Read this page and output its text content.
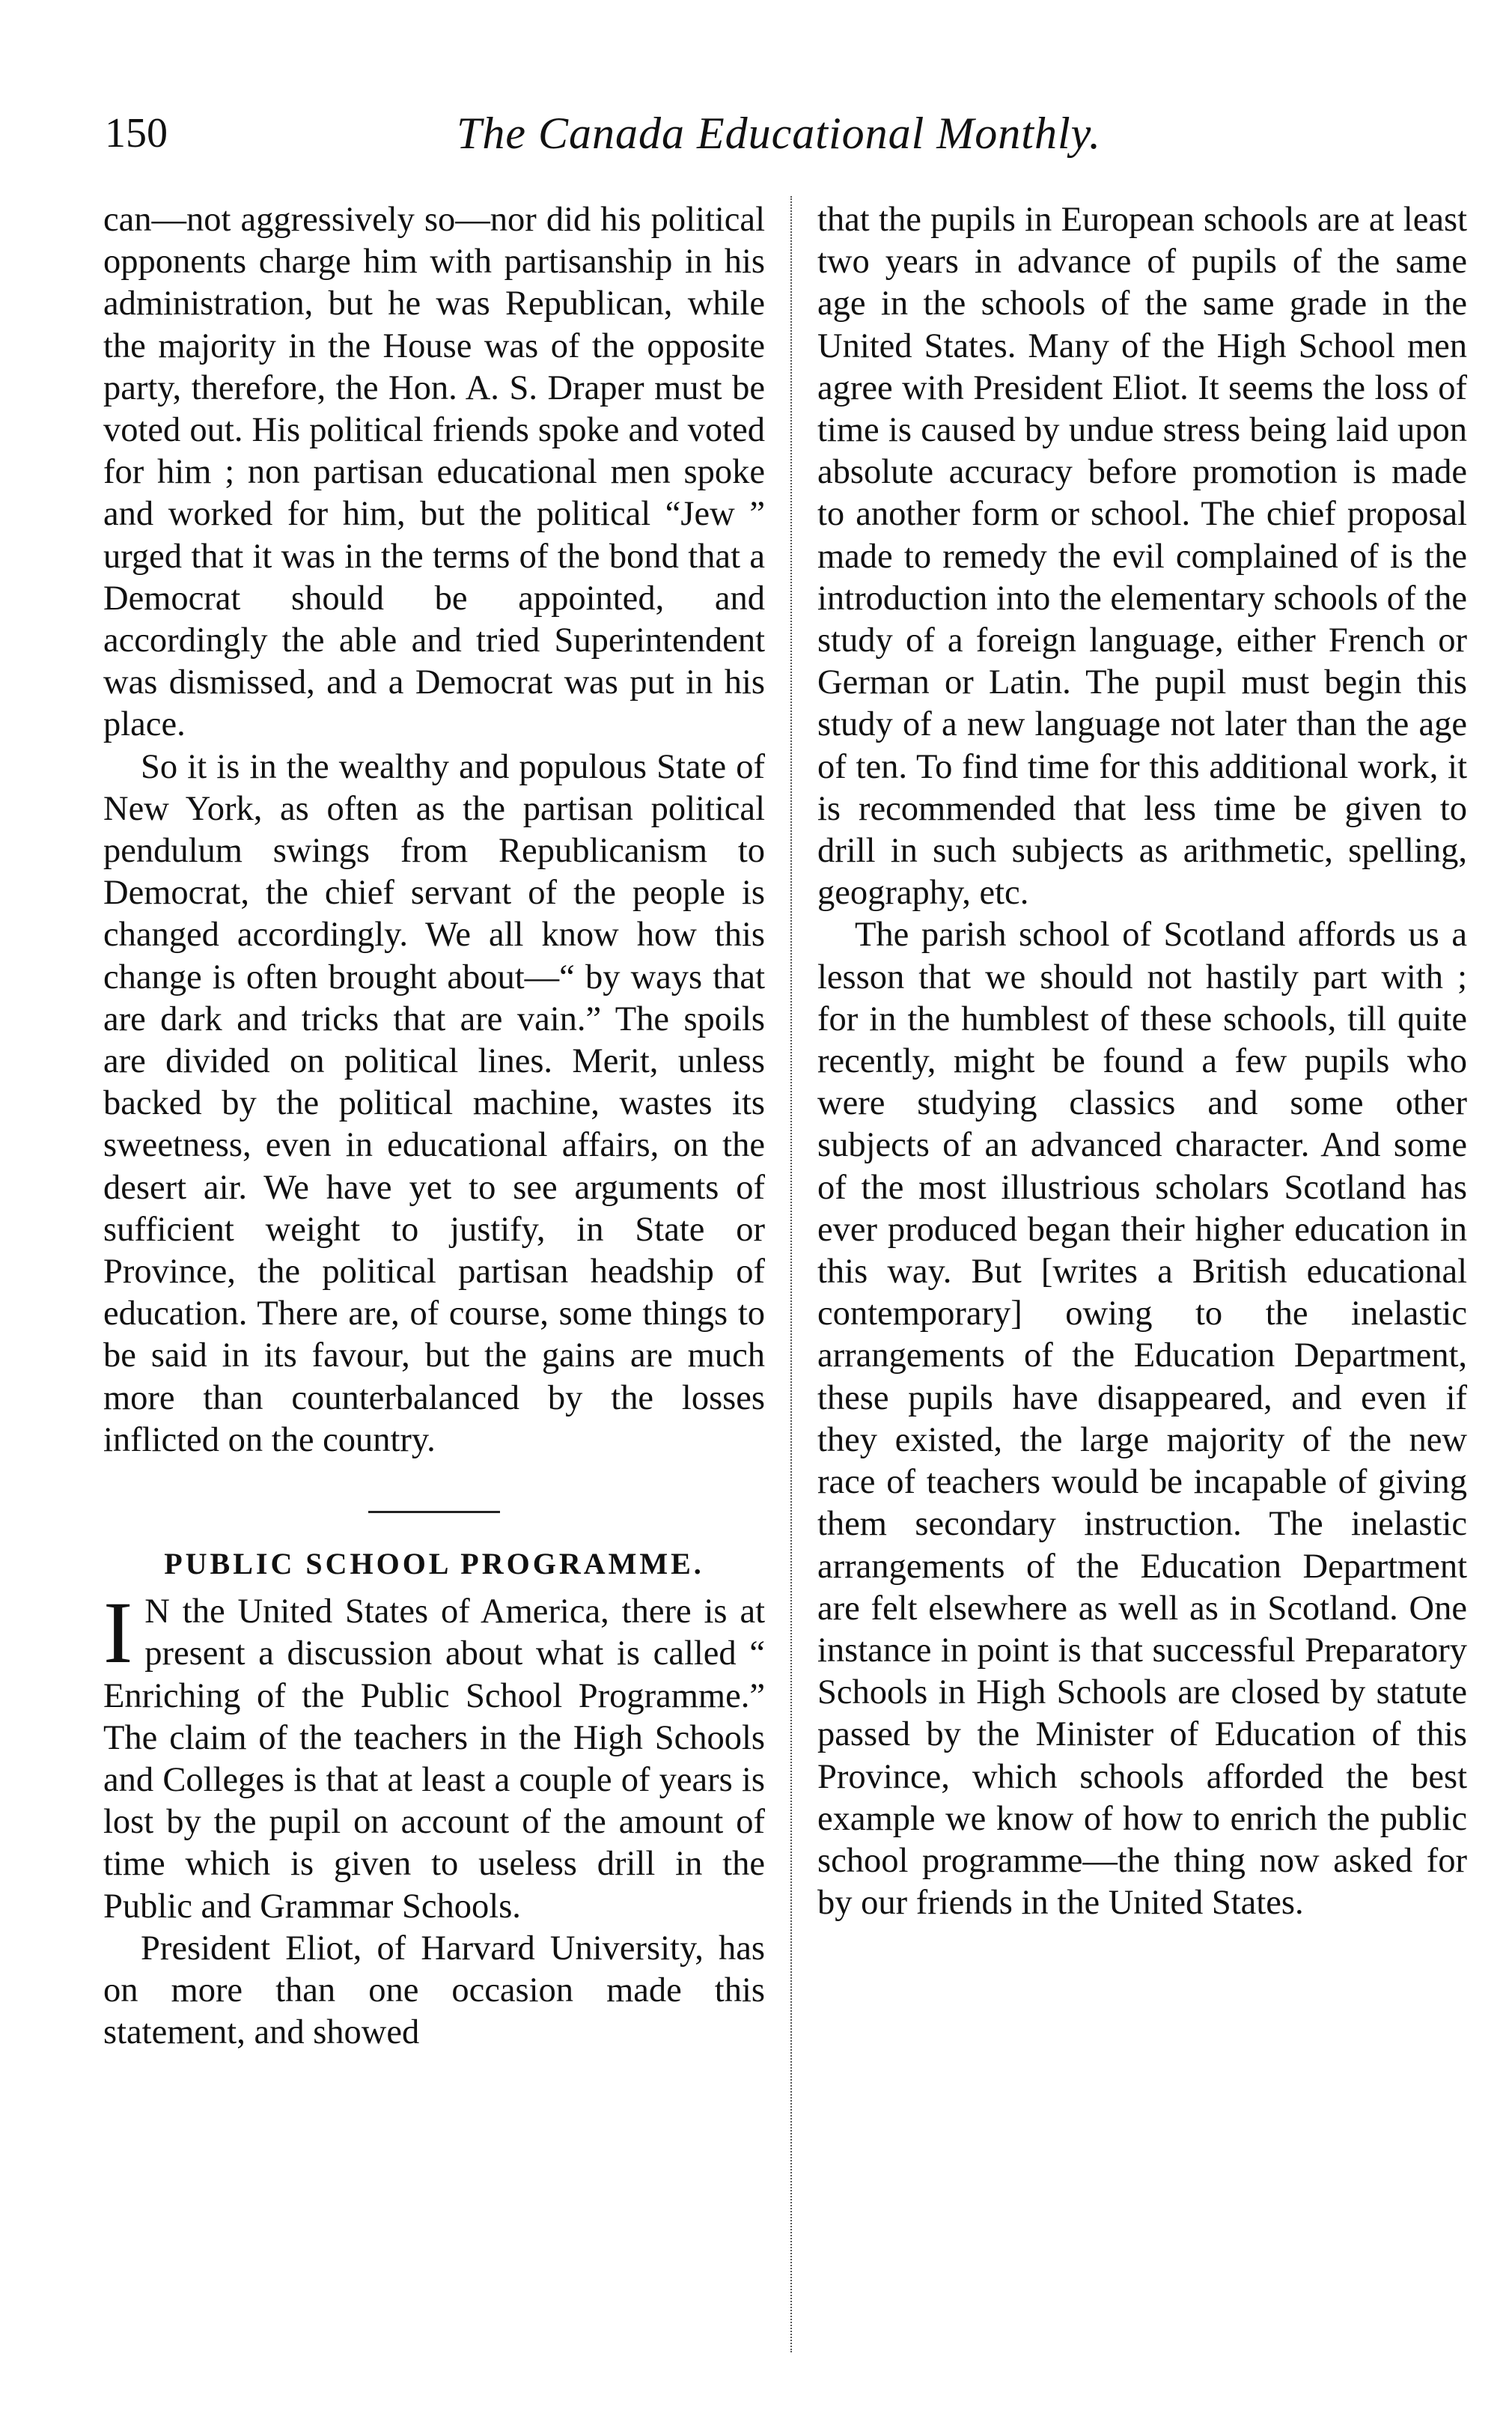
150	The Canada Educational Monthly.

can—not aggressively so—nor did his political opponents charge him with partisanship in his administration, but he was Republican, while the majority in the House was of the opposite party, therefore, the Hon. A. S. Draper must be voted out. His political friends spoke and voted for him ; non partisan educational men spoke and worked for him, but the political “Jew ” urged that it was in the terms of the bond that a Democrat should be appointed, and accordingly the able and tried Superintendent was dismissed, and a Democrat was put in his place.

So it is in the wealthy and populous State of New York, as often as the partisan political pendulum swings from Republicanism to Democrat, the chief servant of the people is changed accordingly. We all know how this change is often brought about—“ by ways that are dark and tricks that are vain.” The spoils are divided on political lines. Merit, unless backed by the political machine, wastes its sweetness, even in educational affairs, on the desert air. We have yet to see arguments of sufficient weight to justify, in State or Province, the political partisan headship of education. There are, of course, some things to be said in its favour, but the gains are much more than counterbalanced by the losses inflicted on the country.

PUBLIC SCHOOL PROGRAMME.

I N the United States of America, there is at present a discussion about what is called “ Enriching of the Public School Programme.” The claim of the teachers in the High Schools and Colleges is that at least a couple of years is lost by the pupil on account of the amount of time which is given to useless drill in the Public and Grammar Schools.

President Eliot, of Harvard University, has on more than one occasion made this statement, and showed

that the pupils in European schools are at least two years in advance of pupils of the same age in the schools of the same grade in the United States. Many of the High School men agree with President Eliot. It seems the loss of time is caused by undue stress being laid upon absolute accuracy before promotion is made to another form or school. The chief proposal made to remedy the evil complained of is the introduction into the elementary schools of the study of a foreign language, either French or German or Latin. The pupil must begin this study of a new language not later than the age of ten. To find time for this additional work, it is recommended that less time be given to drill in such subjects as arithmetic, spelling, geography, etc.

The parish school of Scotland affords us a lesson that we should not hastily part with ; for in the humblest of these schools, till quite recently, might be found a few pupils who were studying classics and some other subjects of an advanced character. And some of the most illustrious scholars Scotland has ever produced began their higher education in this way. But [writes a British educational contemporary] owing to the inelastic arrangements of the Education Department, these pupils have disappeared, and even if they existed, the large majority of the new race of teachers would be incapable of giving them secondary instruction. The inelastic arrangements of the Education Department are felt elsewhere as well as in Scotland. One instance in point is that successful Preparatory Schools in High Schools are closed by statute passed by the Minister of Education of this Province, which schools afforded the best example we know of how to enrich the public school programme—the thing now asked for by our friends in the United States.
